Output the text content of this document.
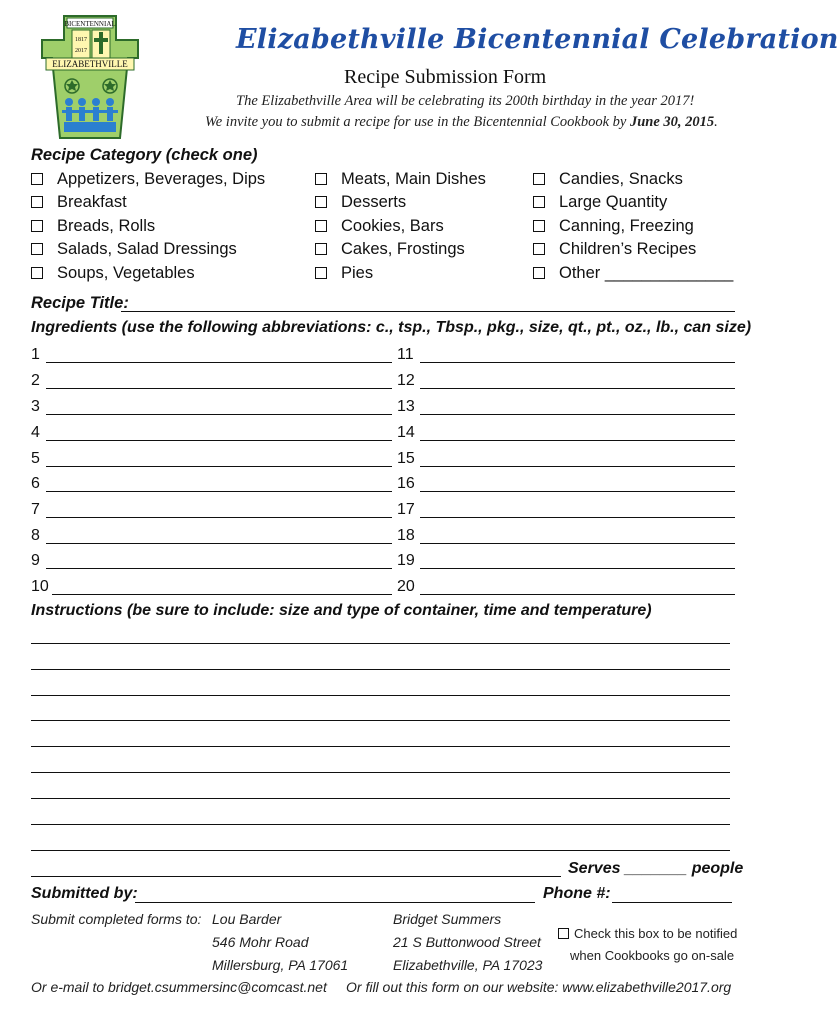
BICENTENNIAL
1817
2017
ELIZABETHVILLE
Elizabethville Bicentennial Celebration
Recipe Submission Form
The Elizabethville Area will be celebrating its 200th birthday in the year 2017!
We invite you to submit a recipe for use in the Bicentennial Cookbook by June 30, 2015.
Recipe Category (check one)
Appetizers, Beverages, Dips
Breakfast
Breads, Rolls
Salads, Salad Dressings
Soups, Vegetables
Meats, Main Dishes
Desserts
Cookies, Bars
Cakes, Frostings
Pies
Candies, Snacks
Large Quantity
Canning, Freezing
Children’s Recipes
Other ______________
Recipe Title:
Ingredients (use the following abbreviations: c., tsp., Tbsp., pkg., size, qt., pt., oz., lb., can size)
1	11
2	12
3	13
4	14
5	15
6	16
7	17
8	18
9	19
10	20
Instructions (be sure to include: size and type of container, time and temperature)
Serves _______ people
Submitted by:	Phone #:
Submit completed forms to: Lou Barder
546 Mohr Road
Millersburg, PA 17061
Bridget Summers
21 S Buttonwood Street
Elizabethville, PA 17023
Check this box to be notified
when Cookbooks go on-sale
Or e-mail to bridget.csummersinc@comcast.net Or fill out this form on our website: www.elizabethville2017.org
